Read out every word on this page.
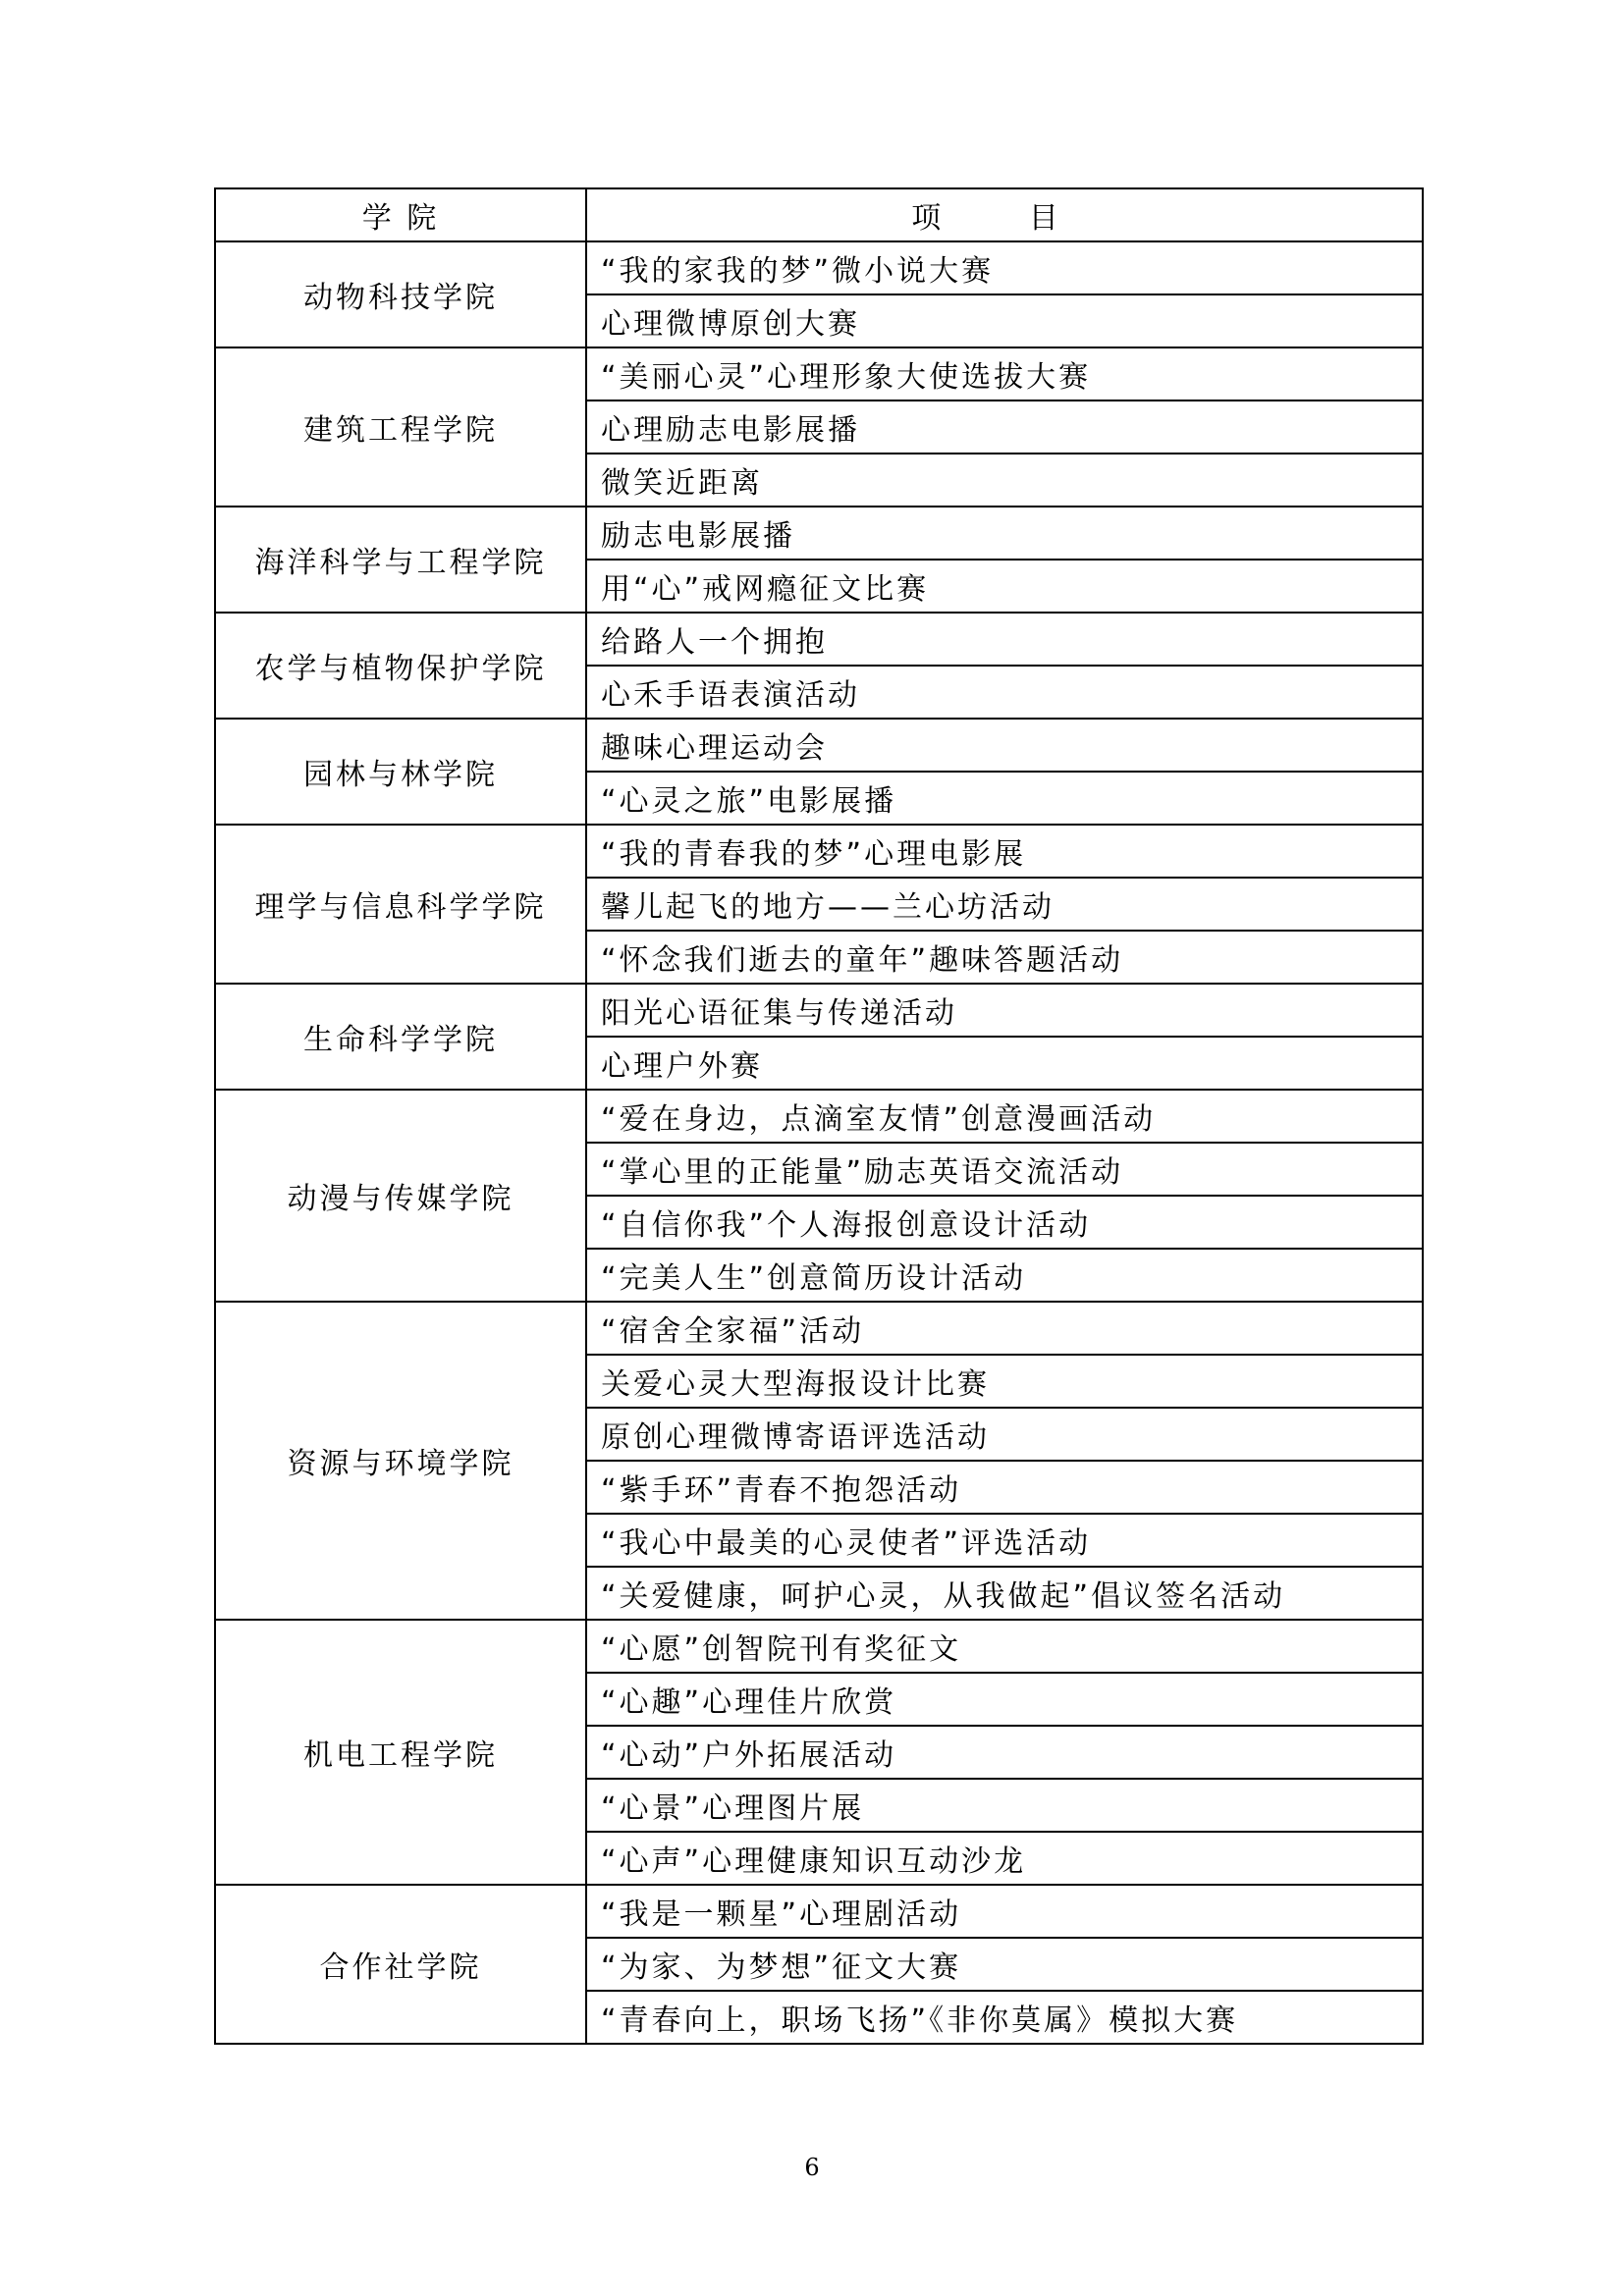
学 院	项 目
动物科技学院	“我的家我的梦”微小说大赛
	心理微博原创大赛
建筑工程学院	“美丽心灵”心理形象大使选拔大赛
	心理励志电影展播
	微笑近距离
海洋科学与工程学院	励志电影展播
	用“心”戒网瘾征文比赛
农学与植物保护学院	给路人一个拥抱
	心禾手语表演活动
园林与林学院	趣味心理运动会
	“心灵之旅”电影展播
理学与信息科学学院	“我的青春我的梦”心理电影展
	馨儿起飞的地方——兰心坊活动
	“怀念我们逝去的童年”趣味答题活动
生命科学学院	阳光心语征集与传递活动
	心理户外赛
动漫与传媒学院	“爱在身边，点滴室友情”创意漫画活动
	“掌心里的正能量”励志英语交流活动
	“自信你我”个人海报创意设计活动
	“完美人生”创意简历设计活动
资源与环境学院	“宿舍全家福”活动
	关爱心灵大型海报设计比赛
	原创心理微博寄语评选活动
	“紫手环”青春不抱怨活动
	“我心中最美的心灵使者”评选活动
	“关爱健康，呵护心灵，从我做起”倡议签名活动
机电工程学院	“心愿”创智院刊有奖征文
	“心趣”心理佳片欣赏
	“心动”户外拓展活动
	“心景”心理图片展
	“心声”心理健康知识互动沙龙
合作社学院	“我是一颗星”心理剧活动
	“为家、为梦想”征文大赛
	“青春向上，职场飞扬”《非你莫属》模拟大赛
6
